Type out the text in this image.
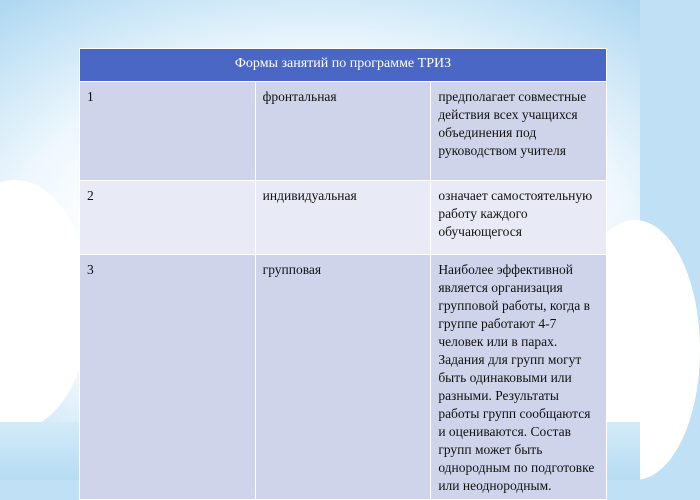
Формы занятий по программе ТРИЗ		
1	фронтальная	предполагает совместные действия всех учащихся объединения под руководством учителя
2	индивидуальная	означает самостоятельную работу каждого обучающегося
3	групповая	Наиболее эффективной является организация групповой работы, когда в группе работают 4-7 человек или в парах. Задания для групп могут быть одинаковыми или разными. Результаты работы групп сообщаются и оцениваются. Состав групп может быть однородным по подготовке или неоднородным.
